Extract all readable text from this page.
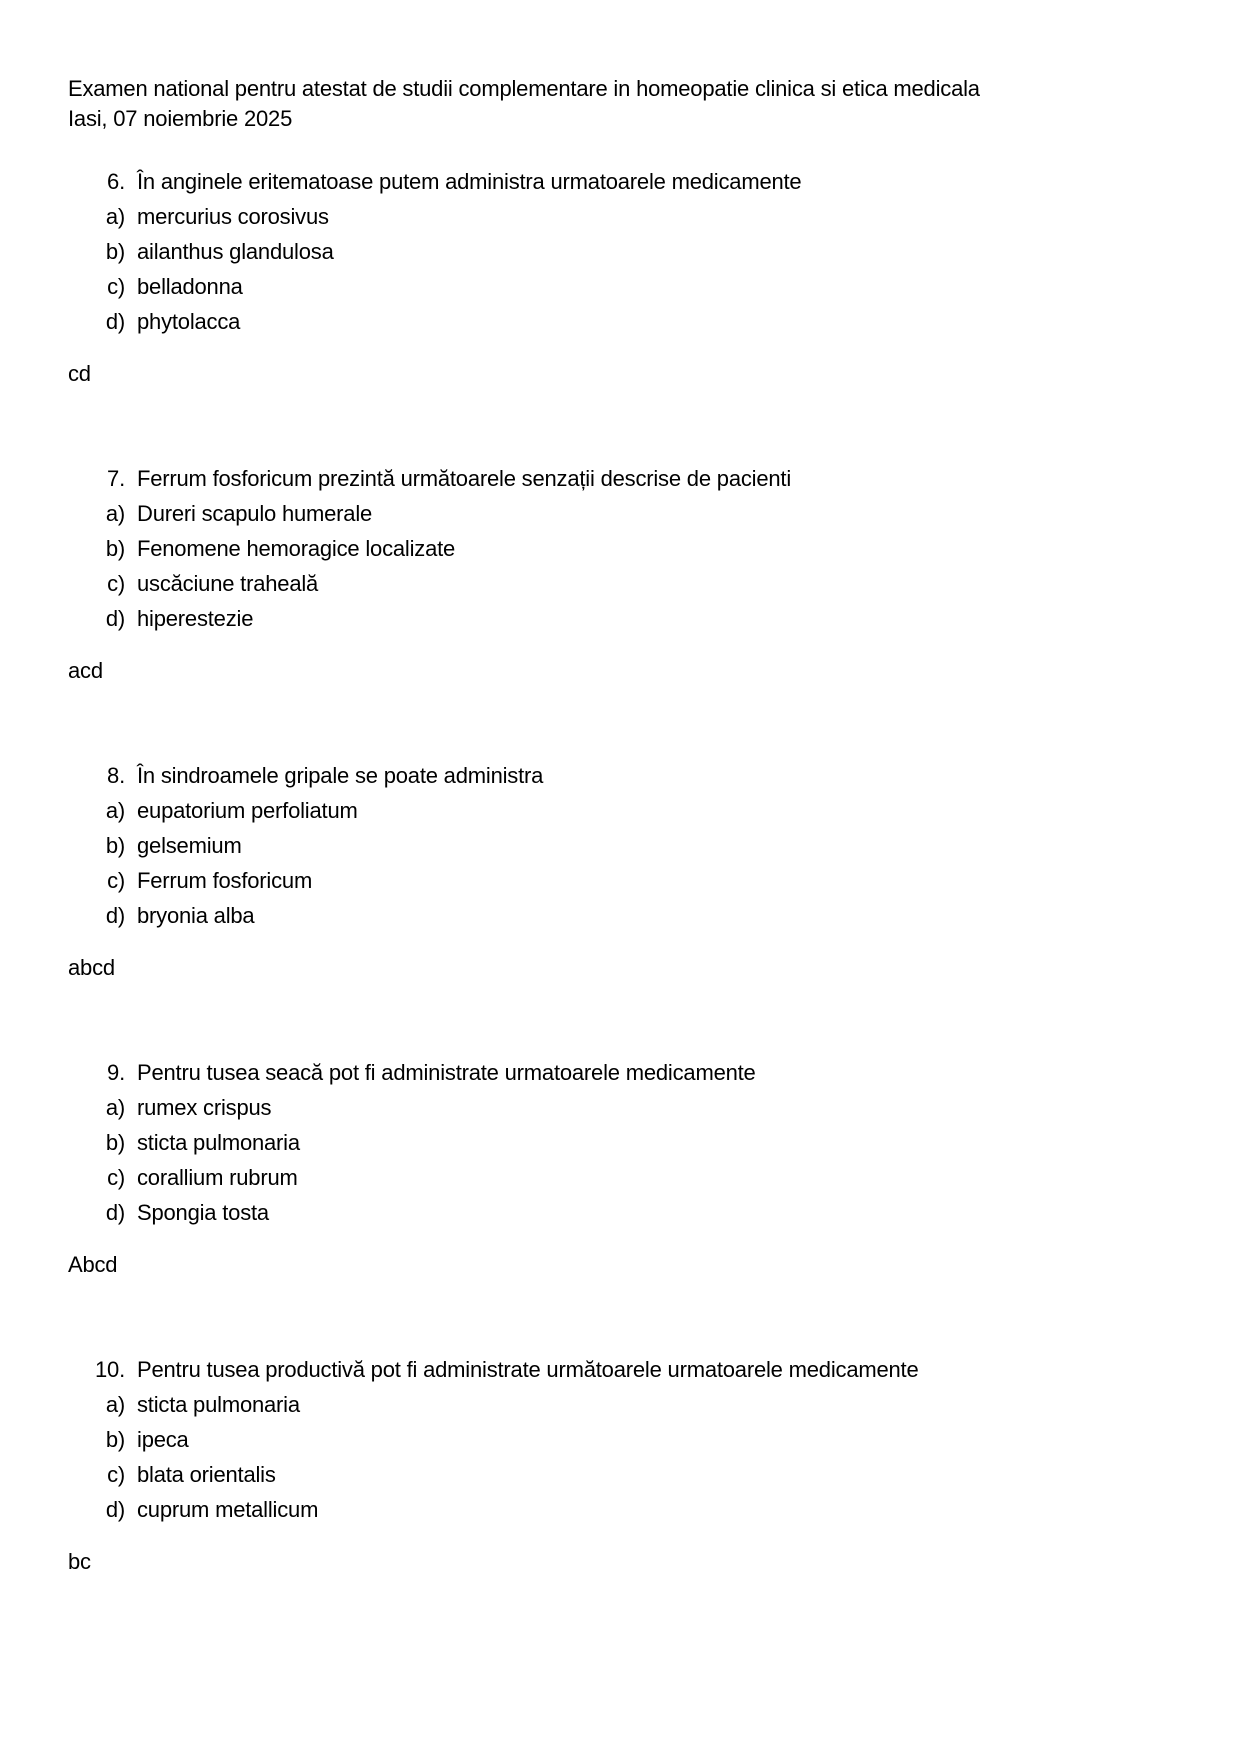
Examen national pentru atestat de studii complementare in homeopatie clinica si etica medicala
Iasi, 07 noiembrie 2025
6. În anginele eritematoase putem administra urmatoarele medicamente
a) mercurius corosivus
b) ailanthus glandulosa
c) belladonna
d) phytolacca
cd
7. Ferrum fosforicum prezintă următoarele senzații descrise de pacienti
a) Dureri scapulo humerale
b) Fenomene hemoragice localizate
c) uscăciune traheală
d) hiperestezie
acd
8. În sindroamele gripale se poate administra
a) eupatorium perfoliatum
b) gelsemium
c) Ferrum fosforicum
d) bryonia alba
abcd
9. Pentru tusea seacă pot fi administrate urmatoarele medicamente
a) rumex crispus
b) sticta pulmonaria
c) corallium rubrum
d) Spongia tosta
Abcd
10. Pentru tusea productivă pot fi administrate următoarele urmatoarele medicamente
a) sticta pulmonaria
b) ipeca
c) blata orientalis
d) cuprum metallicum
bc
